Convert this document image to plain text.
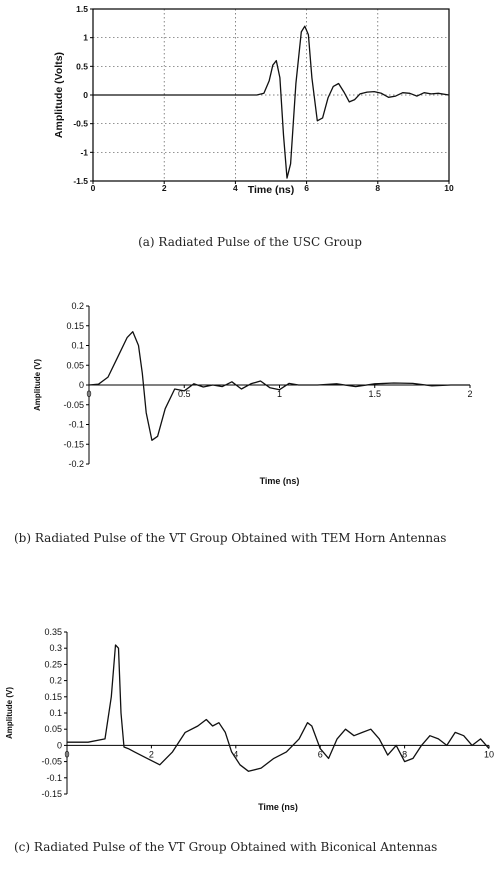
-1.5
-1
-0.5
0
0.5
1
1.5
0	2	4	6	8	10
Time (ns)
Amplitude (Volts)
(a) Radiated Pulse of the USC Group
-0.2
-0.15
-0.1
-0.05
0
0.05
0.1
0.15
0.2
0	0.5	1	1.5	2
Time (ns)
Amplitude (V)
(b) Radiated Pulse of the VT Group Obtained with TEM Horn Antennas
-0.15
-0.1
-0.05
0
0.05
0.1
0.15
0.2
0.25
0.3
0.35
0	2	4	6	8	10
Time (ns)
Amplitude (V)
(c) Radiated Pulse of the VT Group Obtained with Biconical Antennas
